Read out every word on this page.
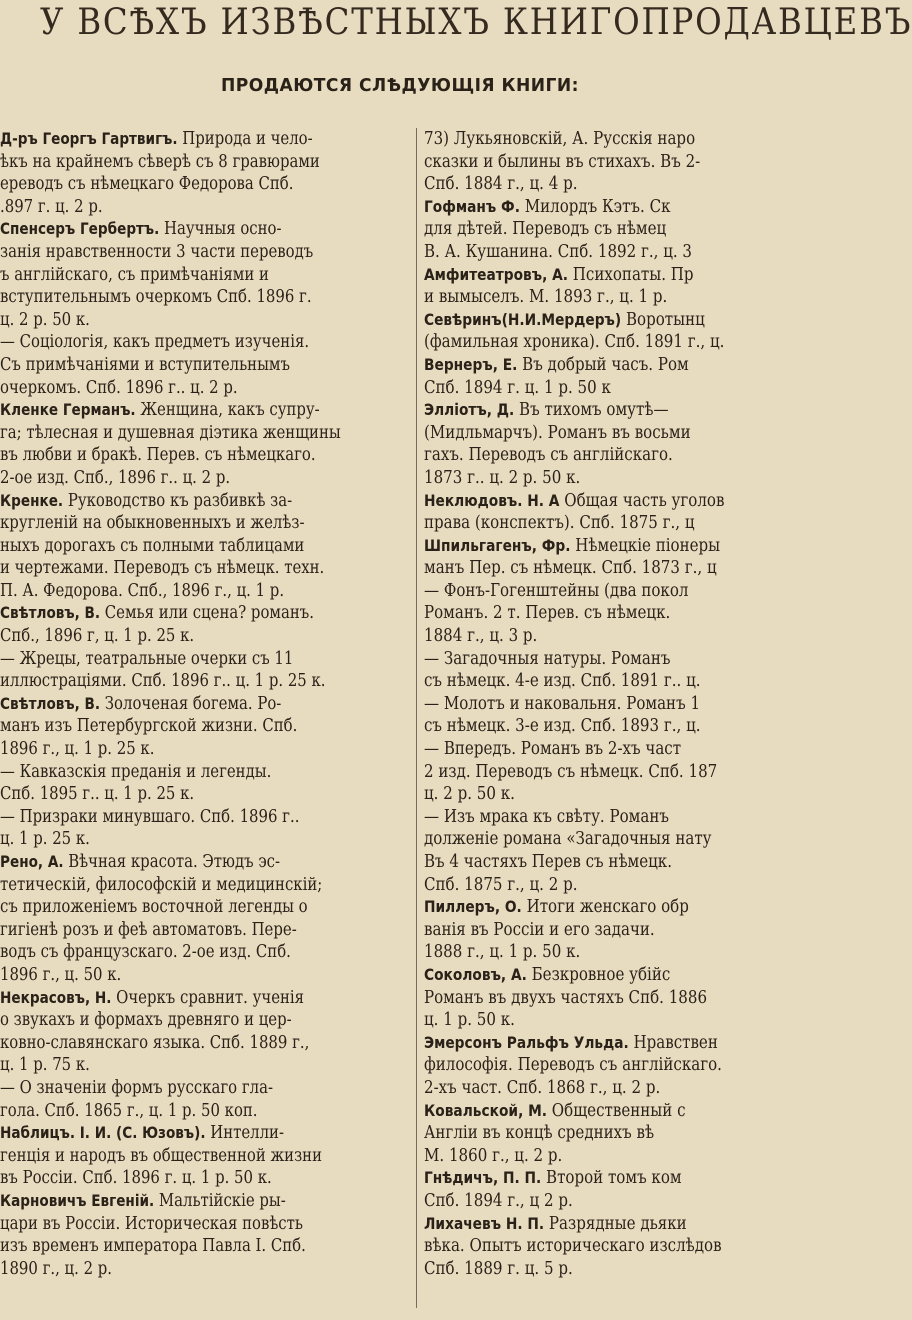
У ВСѢХЪ ИЗВѢСТНЫХЪ КНИГОПРОДАВЦЕВЪ
ПРОДАЮТСЯ СЛѢДУЮЩІЯ КНИГИ:
Д-ръ Георгъ Гартвигъ. Природа и чело-
ѣкъ на крайнемъ сѣверѣ съ 8 гравюрами
ереводъ съ нѣмецкаго Федорова Спб.
.897 г. ц. 2 р.
Спенсеръ Гербертъ. Научныя осно-
занія нравственности 3 части переводъ
ъ англійскаго, съ примѣчаніями и
вступительнымъ очеркомъ Спб. 1896 г.
ц. 2 р. 50 к.
— Соціологія, какъ предметъ изученія.
Съ примѣчаніями и вступительнымъ
очеркомъ. Спб. 1896 г.. ц. 2 р.
Кленке Германъ. Женщина, какъ супру-
га; тѣлесная и душевная діэтика женщины
въ любви и бракѣ. Перев. съ нѣмецкаго.
2-ое изд. Спб., 1896 г.. ц. 2 р.
Кренке. Руководство къ разбивкѣ за-
кругленій на обыкновенныхъ и желѣз-
ныхъ дорогахъ съ полными таблицами
и чертежами. Переводъ съ нѣмецк. техн.
П. А. Федорова. Спб., 1896 г., ц. 1 р.
Свѣтловъ, В. Семья или сцена? романъ.
Спб., 1896 г, ц. 1 р. 25 к.
— Жрецы, театральные очерки съ 11
иллюстраціями. Спб. 1896 г.. ц. 1 р. 25 к.
Свѣтловъ, В. Золоченая богема. Ро-
манъ изъ Петербургской жизни. Спб.
1896 г., ц. 1 р. 25 к.
— Кавказскія преданія и легенды.
Спб. 1895 г.. ц. 1 р. 25 к.
— Призраки минувшаго. Спб. 1896 г..
ц. 1 р. 25 к.
Рено, А. Вѣчная красота. Этюдъ эс-
тетическій, философскій и медицинскій;
съ приложеніемъ восточной легенды о
гигіенѣ розъ и феѣ автоматовъ. Пере-
водъ съ французскаго. 2-ое изд. Спб.
1896 г., ц. 50 к.
Некрасовъ, Н. Очеркъ сравнит. ученія
о звукахъ и формахъ древняго и цер-
ковно-славянскаго языка. Спб. 1889 г.,
ц. 1 р. 75 к.
— О значеніи формъ русскаго гла-
гола. Спб. 1865 г., ц. 1 р. 50 коп.
Наблицъ. І. И. (С. Юзовъ). Интелли-
генція и народъ въ общественной жизни
въ Россіи. Спб. 1896 г. ц. 1 р. 50 к.
Карновичъ Евгеній. Мальтійскіе ры-
цари въ Россіи. Историческая повѣсть
изъ временъ императора Павла І. Спб.
1890 г., ц. 2 р.
73) Лукьяновскій, А. Русскія наро
сказки и былины въ стихахъ. Въ 2-
Спб. 1884 г., ц. 4 р.
Гофманъ Ф. Милордъ Кэтъ. Ск
для дѣтей. Переводъ съ нѣмец
В. А. Кушанина. Спб. 1892 г., ц. 3
Амфитеатровъ, А. Психопаты. Пр
и вымыселъ. М. 1893 г., ц. 1 р.
Севѣринъ(Н.И.Мердеръ) Воротынц
(фамильная хроника). Спб. 1891 г., ц.
Вернеръ, Е. Въ добрый часъ. Ром
Спб. 1894 г. ц. 1 р. 50 к
Элліотъ, Д. Въ тихомъ омутѣ—
(Мидльмарчъ). Романъ въ восьми
гахъ. Переводъ съ англійскаго.
1873 г.. ц. 2 р. 50 к.
Неклюдовъ. Н. А Общая часть уголов
права (конспектъ). Спб. 1875 г., ц
Шпильгагенъ, Фр. Нѣмецкіе піонеры
манъ Пер. съ нѣмецк. Спб. 1873 г., ц
— Фонъ-Гогенштейны (два покол
Романъ. 2 т. Перев. съ нѣмецк.
1884 г., ц. 3 р.
— Загадочныя натуры. Романъ
съ нѣмецк. 4-е изд. Спб. 1891 г.. ц.
— Молотъ и наковальня. Романъ 1
съ нѣмецк. 3-е изд. Спб. 1893 г., ц.
— Впередъ. Романъ въ 2-хъ част
2 изд. Переводъ съ нѣмецк. Спб. 187
ц. 2 р. 50 к.
— Изъ мрака къ свѣту. Романъ
долженіе романа «Загадочныя нату
Въ 4 частяхъ Перев съ нѣмецк.
Спб. 1875 г., ц. 2 р.
Пиллеръ, О. Итоги женскаго обр
ванія въ Россіи и его задачи.
1888 г., ц. 1 р. 50 к.
Соколовъ, А. Безкровное убійс
Романъ въ двухъ частяхъ Спб. 1886
ц. 1 р. 50 к.
Эмерсонъ Ральфъ Ульда. Нравствен
философія. Переводъ съ англійскаго.
2-хъ част. Спб. 1868 г., ц. 2 р.
Ковальской, М. Общественный с
Англіи въ концѣ среднихъ вѣ
М. 1860 г., ц. 2 р.
Гнѣдичъ, П. П. Второй томъ ком
Спб. 1894 г., ц 2 р.
Лихачевъ Н. П. Разрядные дьяки
вѣка. Опытъ историческаго изслѣдов
Спб. 1889 г. ц. 5 р.
